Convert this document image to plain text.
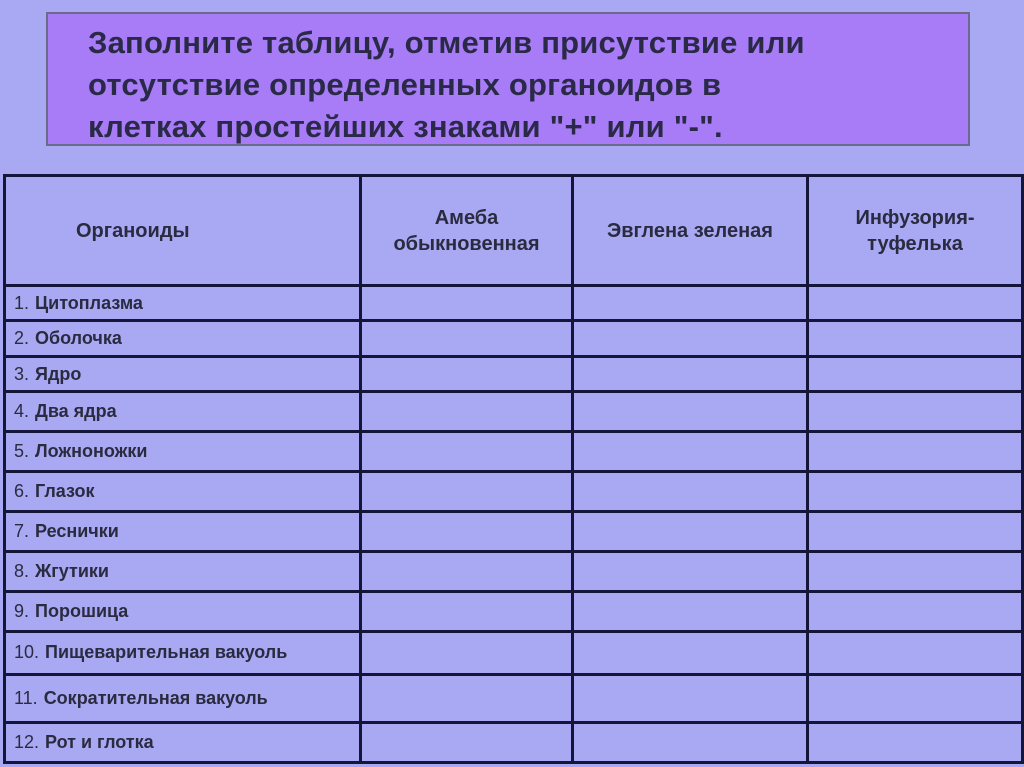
Заполните таблицу, отметив присутствие или
отсутствие определенных органоидов в
клетках простейших знаками "+" или "-".
Органоиды	Амеба обыкновенная	Эвглена зеленая	Инфузория-туфелька
1. Цитоплазма			
2. Оболочка			
3. Ядро			
4. Два ядра			
5. Ложноножки			
6. Глазок			
7. Реснички			
8. Жгутики			
9. Порошица			
10. Пищеварительная вакуоль			
11. Сократительная вакуоль			
12. Рот и глотка			
